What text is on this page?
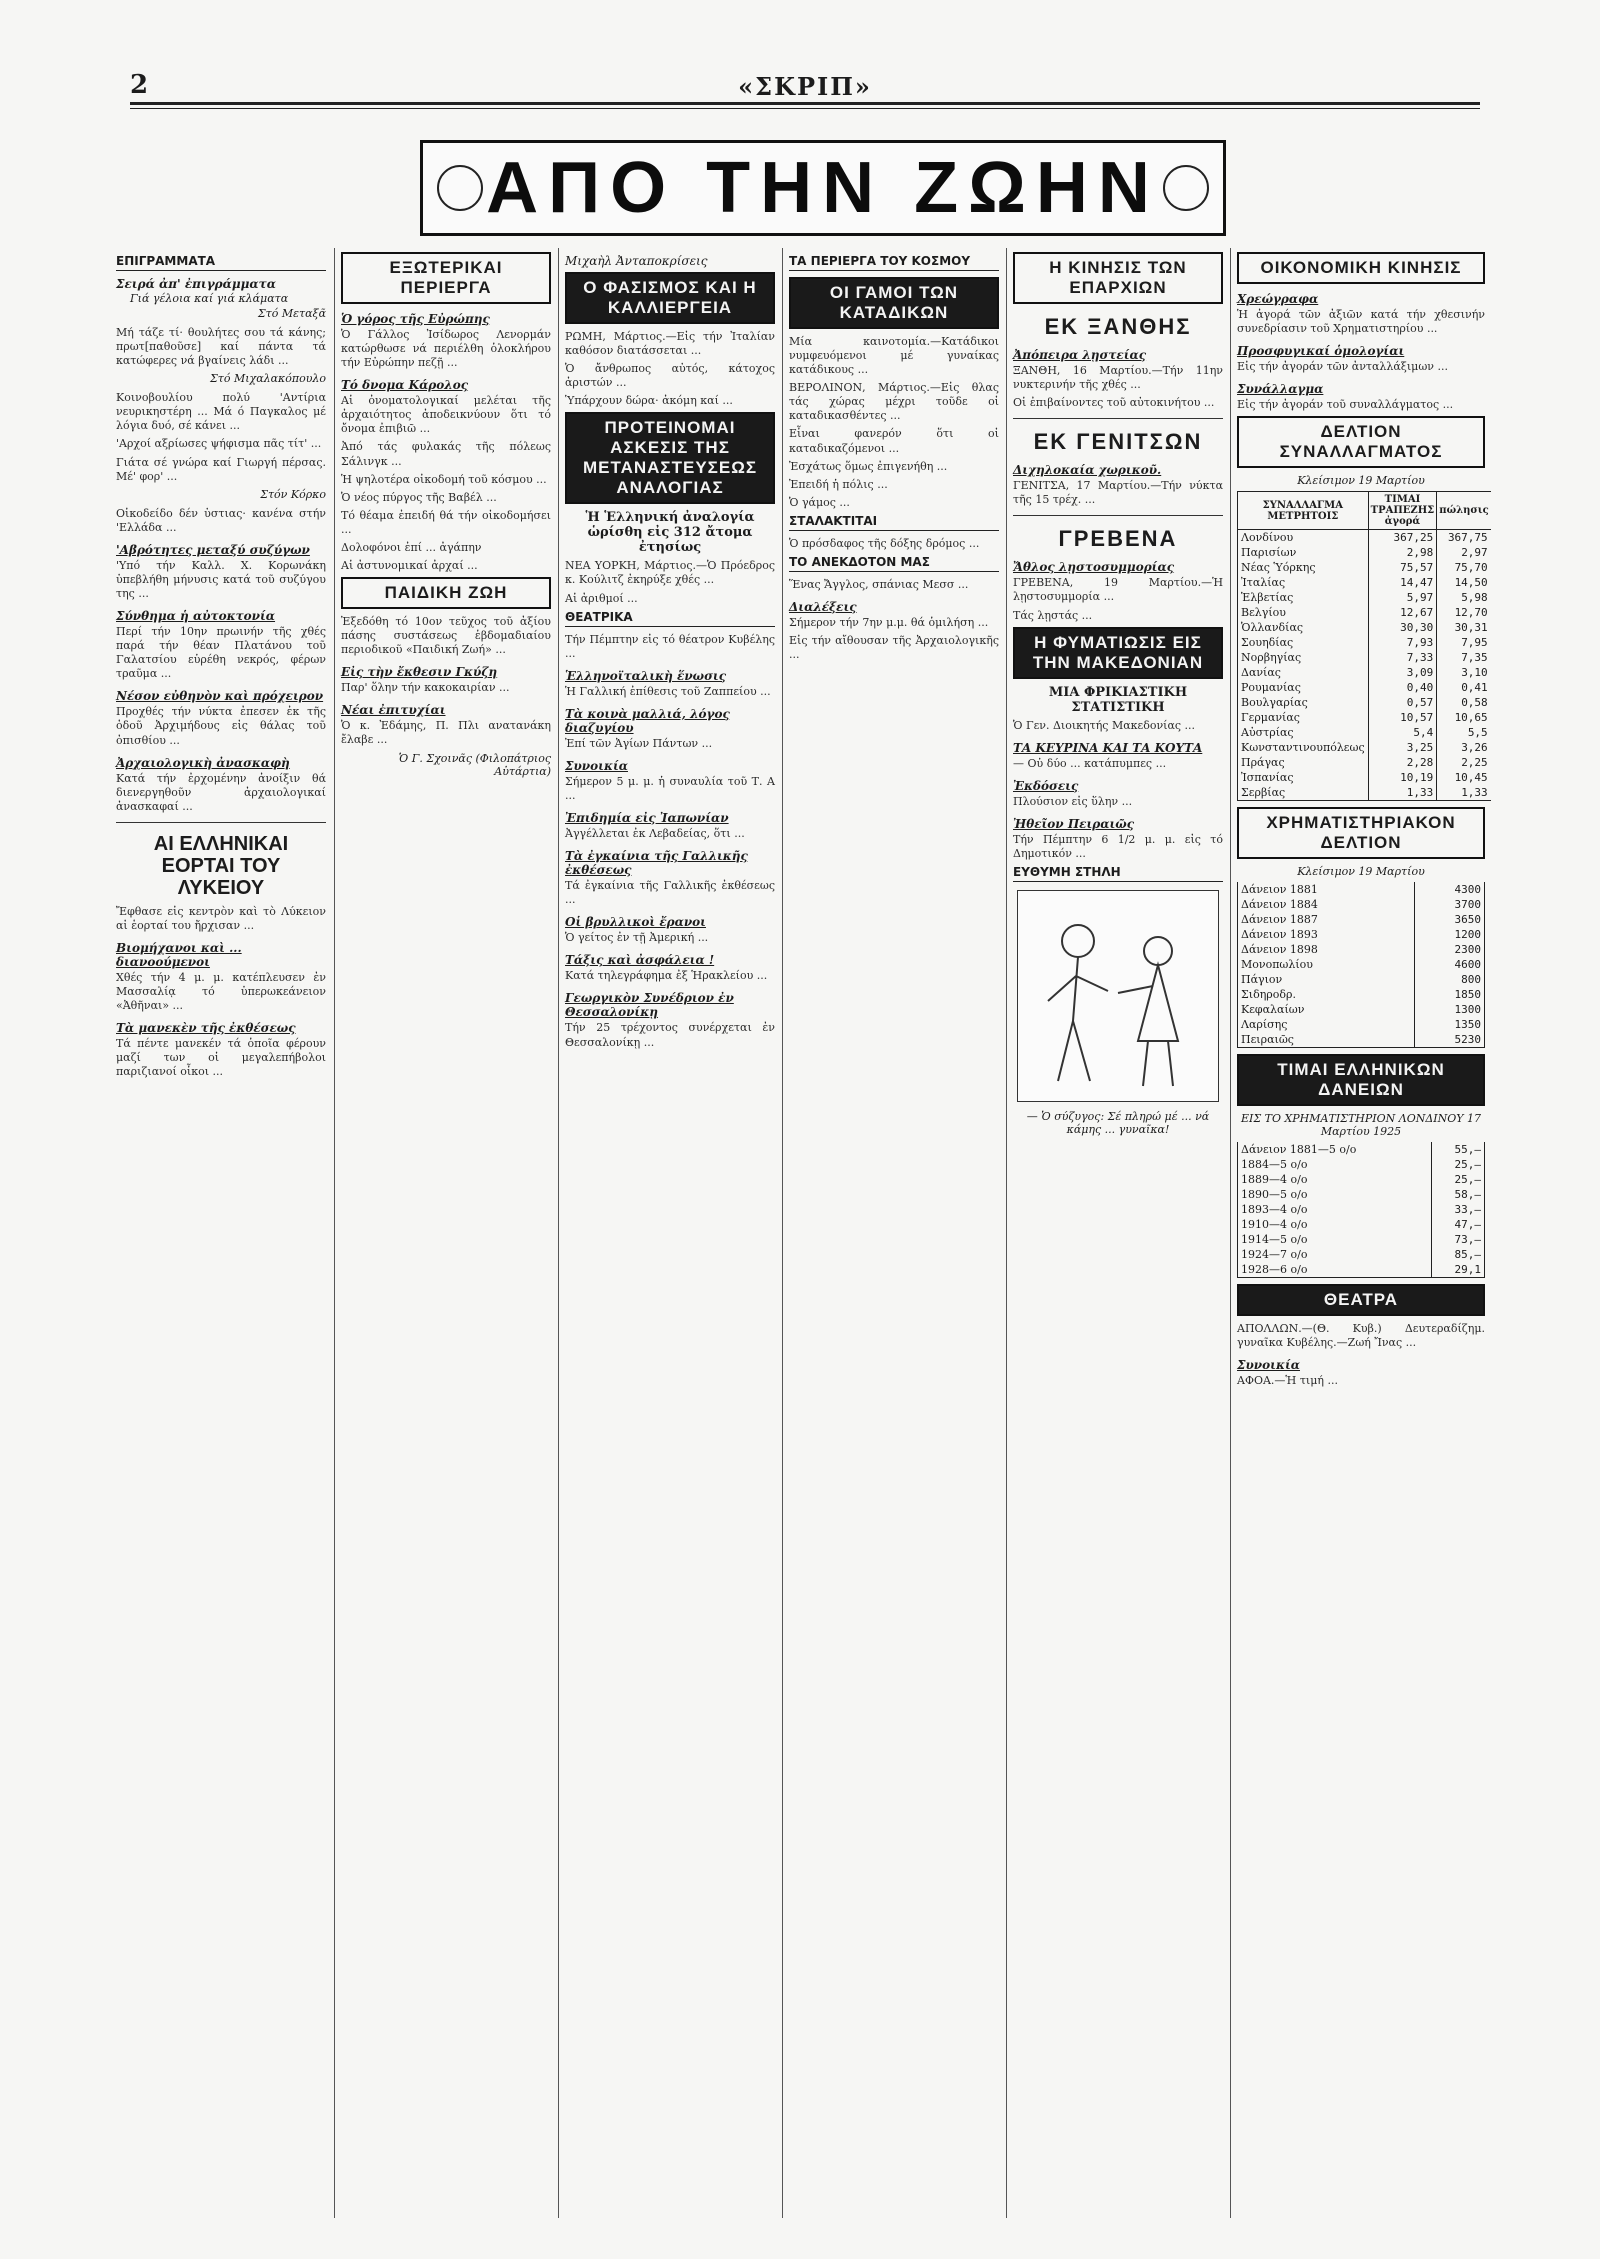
2	«ΣΚΡΙΠ»
ΑΠΟ ΤΗΝ ΖΩΗΝ
ΕΠΙΓΡΑΜΜΑΤΑ
Σειρά ἀπ' ἐπιγράμματα
Γιά γέλοια καί γιά κλάματα
Στό Μεταξᾶ

Μή τάζε τί· θουλήτες σου τά κάνης; πρωτ[παθοῦσε] καί πάντα τά κατώφερες νά βγαίνεις λάδι ...

Στό Μιχαλακόπουλο

Κοινοβουλίου πολύ 'Αντίρια νευρικηστέρη ... Μά ό Παγκαλος μέ λόγια δυό, σέ κάνει ...

'Αρχοί αξρίωσες ψήφισμα πᾶς τίτ' ...

Γιάτα σέ γνώρα καί Γιωργή πέρσας. Μέ' φορ' ...

Στόν Κόρκο

Οἱκοδείδο δέν ὑστιας· κανένα στήν 'Ελλάδα ...

'Αβρότητες μεταξύ συζύγων

'Υπό τήν Καλλ. Χ. Κορωνάκη ὑπεβλήθη μήνυσις κατά τοῦ συζύγου της ...

Σύνθημα ἡ αὐτοκτονία

Περί τήν 10ην πρωινήν τῆς χθές παρά τήν θέαν Πλατάνου τοῦ Γαλατσίου εὑρέθη νεκρός, φέρων τραῦμα ...

Νέσον εὐθηνὸν καὶ πρόχειρον

Προχθές τήν νύκτα ἐπεσεν ἐκ τῆς ὁδοῦ Ἀρχιμήδους εἰς θάλας τοῦ ὀπισθίου ...

Ἀρχαιολογικὴ ἀνασκαφὴ

Κατά τήν ἐρχομένην ἀνοίξιν θά διενεργηθοῦν ἀρχαιολογικαί ἀνασκαφαί ...

ΑΙ ΕΛΛΗΝΙΚΑΙ ΕΟΡΤΑΙ ΤΟΥ ΛΥΚΕΙΟΥ

Ἔφθασε εἰς κεντρὸν καὶ τὸ Λύκειον αἱ ἑορταί του ἤρχισαν ...

Βιομήχανοι καὶ ... διανοούμενοι

Χθές τήν 4 μ. μ. κατέπλευσεν ἐν Μασσαλίᾳ τό ὑπερωκεάνειον «Ἀθῆναι» ...

Τὰ μανεκὲν τῆς ἐκθέσεως

Τά πέντε μανεκέν τά ὁποῖα φέρουν μαζί των οἱ μεγαλεπήβολοι παριζιανοί οἶκοι ...

ΕΞΩΤΕΡΙΚΑΙ ΠΕΡΙΕΡΓΑ
Ὁ γόρος τῆς Εὐρώπης

Ὁ Γάλλος Ἰσίδωρος Λενορμάν κατώρθωσε νά περιέλθη ὁλοκλήρου τήν Εὐρώπην πεζῇ ...

Τό δνομα Κάρολος

Αἱ ὀνοματολογικαί μελέται τῆς ἀρχαιότητος ἀποδεικνύουν ὅτι τό ὄνομα ἐπιβιῶ ...

Ἀπό τάς φυλακάς τῆς πόλεως Σάλινγκ ...

Ἡ ψηλοτέρα οἰκοδομή τοῦ κόσμου ...

Ὁ νέος πύργος τῆς Βαβέλ ...

Τό θέαμα ἐπειδή θά τήν οἰκοδομήσει ...

Δολοφόνοι ἐπί ... ἀγάπην

Αἱ ἀστυνομικαί ἀρχαί ...

ΠΑΙΔΙΚΗ ΖΩΗ

Ἐξεδόθη τό 10ον τεῦχος τοῦ ἀξίου πάσης συστάσεως ἑβδομαδιαίου περιοδικοῦ «Παιδική Ζωή» ...

Εἰς τὴν ἔκθεσιν Γκύζη

Παρ' ὅλην τήν κακοκαιρίαν ...

Νέαι ἐπιτυχίαι

Ὁ κ. Ἐδάμης, Π. Πλι ανατανάκη ἔλαβε ...

Ὁ Γ. Σχοινᾶς (Φιλοπάτριος Αὐτάρτια)
Μιχαὴλ Ἀνταποκρίσεις
Ο ΦΑΣΙΣΜΟΣ ΚΑΙ Η ΚΑΛΛΙΕΡΓΕΙΑ

ΡΩΜΗ, Μάρτιος.—Εἰς τήν Ἰταλίαν καθόσον διατάσσεται ...

Ὁ ἄνθρωπος αὐτός, κάτοχος ἀριστών ...

Ὑπάρχουν δώρα· ἀκόμη καί ...

ΠΡΟΤΕΙΝΟΜΑΙ ΑΣΚΕΣΙΣ ΤΗΣ ΜΕΤΑΝΑΣΤΕΥΣΕΩΣ ΑΝΑΛΟΓΙΑΣ
Ἡ Ἑλληνική ἀναλογία ὡρίσθη εἰς 312 ἄτομα ἐτησίως

ΝΕΑ ΥΟΡΚΗ, Μάρτιος.—Ὁ Πρόεδρος κ. Κούλιτζ ἐκηρύξε χθές ...

Αἱ ἀριθμοί ...

ΘΕΑΤΡΙΚΑ

Τήν Πέμπτην εἰς τό θέατρον Κυβέλης ...

Ἑλληνοϊταλικὴ ἕνωσις

Ἡ Γαλλική ἐπίθεσις τοῦ Ζαππείου ...

Τὰ κοινὰ μαλλιά, λόγος διαζυγίου

Ἐπί τῶν Ἀγίων Πάντων ...

Συνοικία

Σήμερον 5 μ. μ. ἡ συναυλία τοῦ Τ. Α ...

Ἐπιδημία εἰς Ἰαπωνίαν

Ἀγγέλλεται ἐκ Λεβαδείας, ὅτι ...

Τὰ ἐγκαίνια τῆς Γαλλικῆς ἐκθέσεως

Τά ἐγκαίνια τῆς Γαλλικῆς ἐκθέσεως ...

Οἱ βρυλλικοὶ ἔρανοι

Ὁ γείτος ἐν τῇ Ἀμερική ...

Τάξις καὶ ἀσφάλεια !

Κατά τηλεγράφημα ἐξ Ἡρακλείου ...

Γεωργικὸν Συνέδριον ἐν Θεσσαλονίκῃ

Τήν 25 τρέχοντος συνέρχεται ἐν Θεσσαλονίκῃ ...

ΤΑ ΠΕΡΙΕΡΓΑ ΤΟΥ ΚΟΣΜΟΥ
ΟΙ ΓΑΜΟΙ ΤΩΝ ΚΑΤΑΔΙΚΩΝ

Μία καινοτομία.—Κατάδικοι νυμφευόμενοι μέ γυναίκας κατάδικους ...

ΒΕΡΟΛΙΝΟΝ, Μάρτιος.—Εἰς θλας τάς χώρας μέχρι τοῦδε οἱ καταδικασθέντες ...

Εἶναι φανερόν ὅτι οἱ καταδικαζόμενοι ...

Ἐσχάτως ὅμως ἐπιγενήθη ...

Ἐπειδή ἡ πόλις ...

Ὁ γάμος ...

ΣΤΑΛΑΚΤΙΤΑΙ

Ὁ πρόσδαφος τῆς δόξης δρόμος ...

ΤΟ ΑΝΕΚΔΟΤΟΝ ΜΑΣ

Ἕνας Ἄγγλος, σπάνιας Μεσσ ...

Διαλέξεις

Σήμερον τήν 7ην μ.μ. θά ὁμιλήση ...

Εἰς τήν αἴθουσαν τῆς Ἀρχαιολογικῆς ...

Η ΚΙΝΗΣΙΣ ΤΩΝ ΕΠΑΡΧΙΩΝ
ΕΚ ΞΑΝΘΗΣ
Ἀπόπειρα λῃστείας

ΞΑΝΘΗ, 16 Μαρτίου.—Τήν 11ην νυκτερινήν τῆς χθές ...

Οἱ ἐπιβαίνοντες τοῦ αὐτοκινήτου ...

ΕΚ ΓΕΝΙΤΣΩΝ
Διχηλοκαία χωρικοῦ.

ΓΕΝΙΤΣΑ, 17 Μαρτίου.—Τήν νύκτα τῆς 15 τρέχ. ...

ΓΡΕΒΕΝΑ
Ἄθλος λῃστοσυμμορίας

ΓΡΕΒΕΝΑ, 19 Μαρτίου.—Ἡ λῃστοσυμμορία ...

Τάς λῃστάς ...

Η ΦΥΜΑΤΙΩΣΙΣ ΕΙΣ ΤΗΝ ΜΑΚΕΔΟΝΙΑΝ
ΜΙΑ ΦΡΙΚΙΑΣΤΙΚΗ ΣΤΑΤΙΣΤΙΚΗ

Ὁ Γεν. Διοικητής Μακεδονίας ...

ΤΑ ΚΕΥΡΙΝΑ ΚΑΙ ΤΑ ΚΟΥΤΑ

— Οὐ δύο ... κατάπυμπες ...

Ἐκδόσεις

Πλούσιον εἰς ὕλην ...

Ἠθεῖον Πειραιῶς

Τήν Πέμπτην 6 1/2 μ. μ. εἰς τό Δημοτικόν ...

ΕΥΘΥΜΗ ΣΤΗΛΗ
— Ὁ σύζυγος: Σέ πληρώ μέ ... νά κάμης ... γυναῖκα!
ΟΙΚΟΝΟΜΙΚΗ ΚΙΝΗΣΙΣ
Χρεώγραφα

Ἡ ἀγορά τῶν ἀξιῶν κατά τήν χθεσινήν συνεδρίασιν τοῦ Χρηματιστηρίου ...

Προσφυγικαί ὁμολογίαι

Εἰς τήν ἀγοράν τῶν ἀνταλλάξιμων ...

Συνάλλαγμα

Εἰς τήν ἀγοράν τοῦ συναλλάγματος ...

ΔΕΛΤΙΟΝ ΣΥΝΑΛΛΑΓΜΑΤΟΣ
Κλείσιμον 19 Μαρτίου
ΣΥΝΑΛΛΑΓΜΑ ΜΕΤΡΗΤΟΙΣ	ΤΙΜΑΙ ΤΡΑΠΕΖΗΣ ἀγορά	πώλησις
Λονδίνου	367,25	367,75
Παρισίων	2,98	2,97
Νέας Ὑόρκης	75,57	75,70
Ἰταλίας	14,47	14,50
Ἑλβετίας	5,97	5,98
Βελγίου	12,67	12,70
Ὁλλανδίας	30,30	30,31
Σουηδίας	7,93	7,95
Νορβηγίας	7,33	7,35
Δανίας	3,09	3,10
Ρουμανίας	0,40	0,41
Βουλγαρίας	0,57	0,58
Γερμανίας	10,57	10,65
Αὐστρίας	5,4	5,5
Κωνσταντινουπόλεως	3,25	3,26
Πράγας	2,28	2,25
Ἰσπανίας	10,19	10,45
Σερβίας	1,33	1,33
ΧΡΗΜΑΤΙΣΤΗΡΙΑΚΟΝ ΔΕΛΤΙΟΝ
Κλείσιμον 19 Μαρτίου
Δάνειον 1881	4300
Δάνειον 1884	3700
Δάνειον 1887	3650
Δάνειον 1893	1200
Δάνειον 1898	2300
Μονοπωλίου	4600
Πάγιον	800
Σιδηροδρ.	1850
Κεφαλαίων	1300
Λαρίσης	1350
Πειραιῶς	5230
ΤΙΜΑΙ ΕΛΛΗΝΙΚΩΝ ΔΑΝΕΙΩΝ
ΕΙΣ ΤΟ ΧΡΗΜΑΤΙΣΤΗΡΙΟΝ ΛΟΝΔΙΝΟΥ 17 Μαρτίου 1925
Δάνειον 1881—5 ο/ο	55,—
1884—5 ο/ο	25,—
1889—4 ο/ο	25,—
1890—5 ο/ο	58,—
1893—4 ο/ο	33,—
1910—4 ο/ο	47,—
1914—5 ο/ο	73,—
1924—7 ο/ο	85,—
1928—6 ο/ο	29,1
ΘΕΑΤΡΑ

ΑΠΟΛΛΩΝ.—(Θ. Κυβ.) Δευτεραδίζημ. γυναῖκα Κυβέλης.—Ζωή Ἴνας ...

Συνοικία

ΑΦΟΑ.—Ἡ τιμή ...
